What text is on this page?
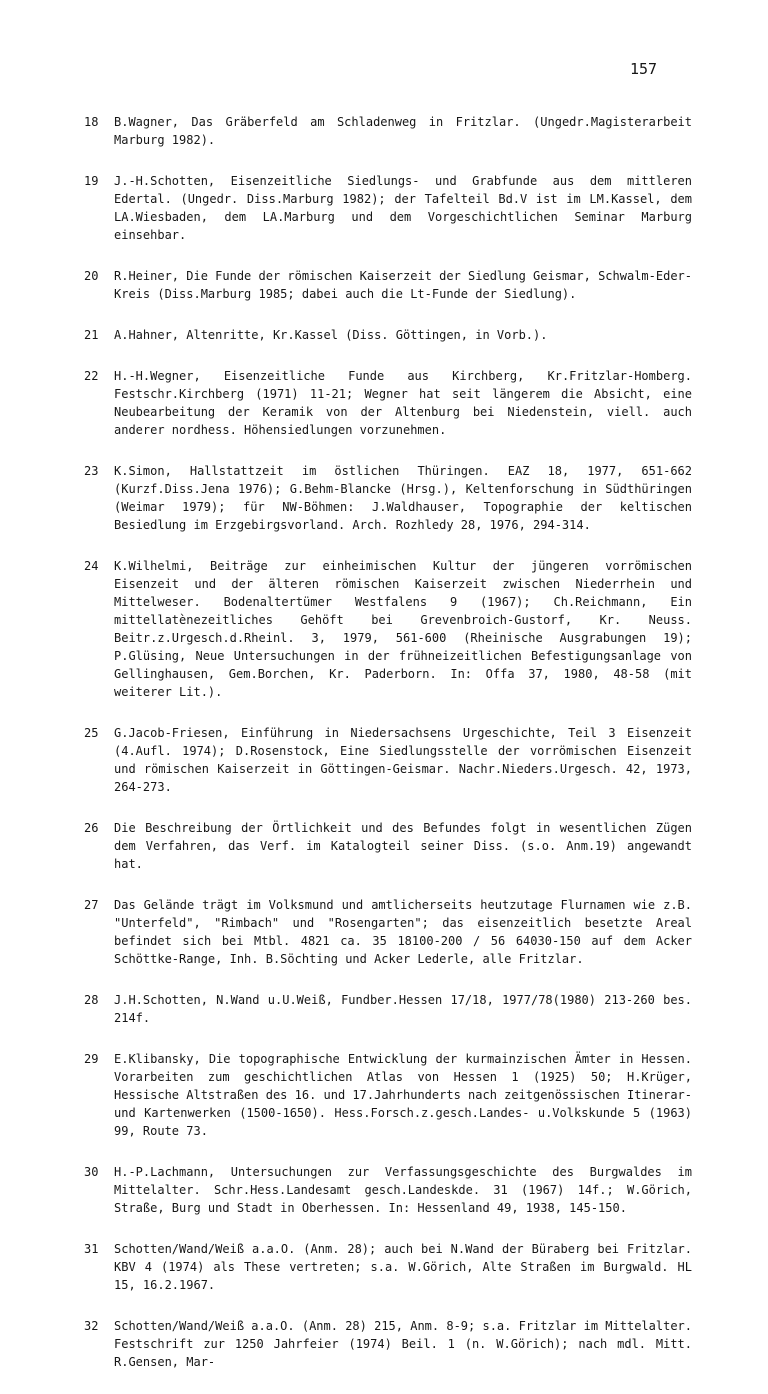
157
18 B.Wagner, Das Gräberfeld am Schladenweg in Fritzlar. (Ungedr.Magisterarbeit Marburg 1982).
19 J.-H.Schotten, Eisenzeitliche Siedlungs- und Grabfunde aus dem mittleren Edertal. (Ungedr. Diss.Marburg 1982); der Tafelteil Bd.V ist im LM.Kassel, dem LA.Wiesbaden, dem LA.Marburg und dem Vorgeschichtlichen Seminar Marburg einsehbar.
20 R.Heiner, Die Funde der römischen Kaiserzeit der Siedlung Geismar, Schwalm-Eder-Kreis (Diss.Marburg 1985; dabei auch die Lt-Funde der Siedlung).
21 A.Hahner, Altenritte, Kr.Kassel (Diss. Göttingen, in Vorb.).
22 H.-H.Wegner, Eisenzeitliche Funde aus Kirchberg, Kr.Fritzlar-Homberg. Festschr.Kirchberg (1971) 11-21; Wegner hat seit längerem die Absicht, eine Neubearbeitung der Keramik von der Altenburg bei Niedenstein, viell. auch anderer nordhess. Höhensiedlungen vorzunehmen.
23 K.Simon, Hallstattzeit im östlichen Thüringen. EAZ 18, 1977, 651-662 (Kurzf.Diss.Jena 1976); G.Behm-Blancke (Hrsg.), Keltenforschung in Südthüringen (Weimar 1979); für NW-Böhmen: J.Waldhauser, Topographie der keltischen Besiedlung im Erzgebirgsvorland. Arch. Rozhledy 28, 1976, 294-314.
24 K.Wilhelmi, Beiträge zur einheimischen Kultur der jüngeren vorrömischen Eisenzeit und der älteren römischen Kaiserzeit zwischen Niederrhein und Mittelweser. Bodenaltertümer Westfalens 9 (1967); Ch.Reichmann, Ein mittellatènezeitliches Gehöft bei Grevenbroich-Gustorf, Kr. Neuss. Beitr.z.Urgesch.d.Rheinl. 3, 1979, 561-600 (Rheinische Ausgrabungen 19); P.Glüsing, Neue Untersuchungen in der frühneizeitlichen Befestigungsanlage von Gellinghausen, Gem.Borchen, Kr. Paderborn. In: Offa 37, 1980, 48-58 (mit weiterer Lit.).
25 G.Jacob-Friesen, Einführung in Niedersachsens Urgeschichte, Teil 3 Eisenzeit (4.Aufl. 1974); D.Rosenstock, Eine Siedlungsstelle der vorrömischen Eisenzeit und römischen Kaiserzeit in Göttingen-Geismar. Nachr.Nieders.Urgesch. 42, 1973, 264-273.
26 Die Beschreibung der Örtlichkeit und des Befundes folgt in wesentlichen Zügen dem Verfahren, das Verf. im Katalogteil seiner Diss. (s.o. Anm.19) angewandt hat.
27 Das Gelände trägt im Volksmund und amtlicherseits heutzutage Flurnamen wie z.B. "Unterfeld", "Rimbach" und "Rosengarten"; das eisenzeitlich besetzte Areal befindet sich bei Mtbl. 4821 ca. 35 18100-200 / 56 64030-150 auf dem Acker Schöttke-Range, Inh. B.Söchting und Acker Lederle, alle Fritzlar.
28 J.H.Schotten, N.Wand u.U.Weiß, Fundber.Hessen 17/18, 1977/78(1980) 213-260 bes. 214f.
29 E.Klibansky, Die topographische Entwicklung der kurmainzischen Ämter in Hessen. Vorarbeiten zum geschichtlichen Atlas von Hessen 1 (1925) 50; H.Krüger, Hessische Altstraßen des 16. und 17.Jahrhunderts nach zeitgenössischen Itinerar- und Kartenwerken (1500-1650). Hess.Forsch.z.gesch.Landes- u.Volkskunde 5 (1963) 99, Route 73.
30 H.-P.Lachmann, Untersuchungen zur Verfassungsgeschichte des Burgwaldes im Mittelalter. Schr.Hess.Landesamt gesch.Landeskde. 31 (1967) 14f.; W.Görich, Straße, Burg und Stadt in Oberhessen. In: Hessenland 49, 1938, 145-150.
31 Schotten/Wand/Weiß a.a.O. (Anm. 28); auch bei N.Wand der Büraberg bei Fritzlar. KBV 4 (1974) als These vertreten; s.a. W.Görich, Alte Straßen im Burgwald. HL 15, 16.2.1967.
32 Schotten/Wand/Weiß a.a.O. (Anm. 28) 215, Anm. 8-9; s.a. Fritzlar im Mittelalter. Festschrift zur 1250 Jahrfeier (1974) Beil. 1 (n. W.Görich); nach mdl. Mitt. R.Gensen, Mar-
